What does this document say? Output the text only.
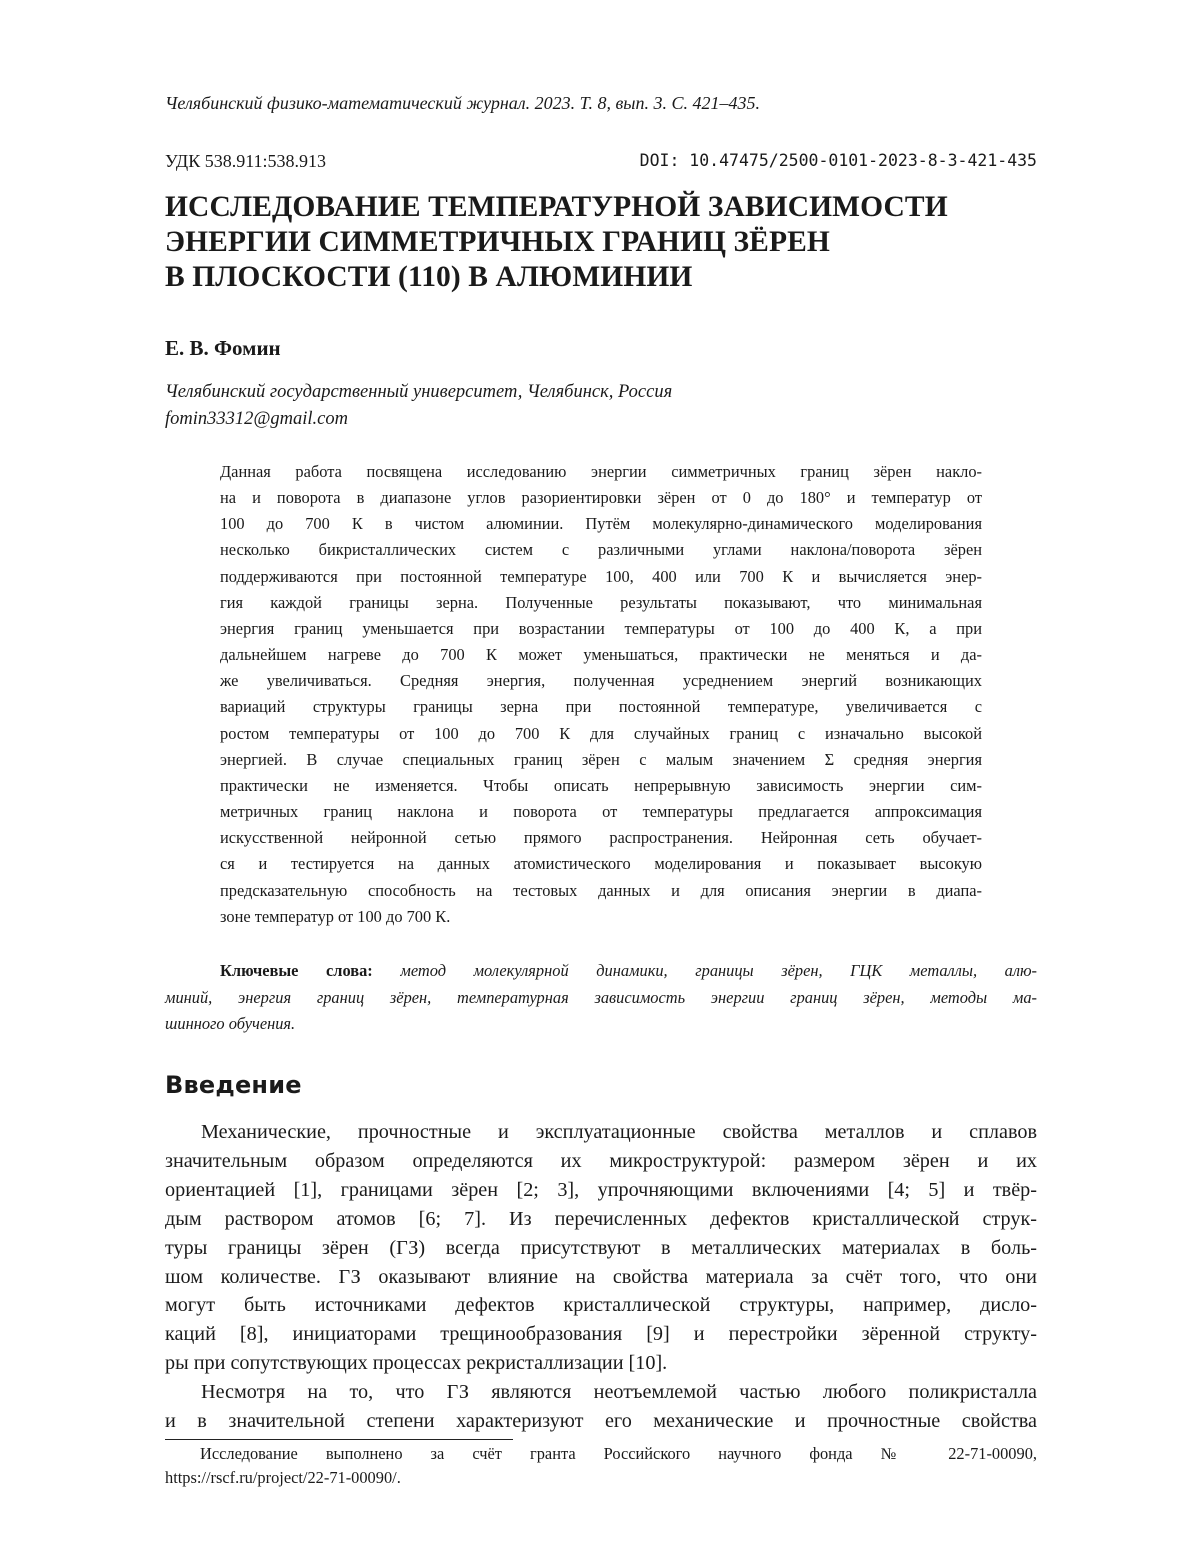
Челябинский физико-математический журнал. 2023. Т. 8, вып. 3. С. 421–435.
УДК 538.911:538.913	DOI: 10.47475/2500-0101-2023-8-3-421-435
ИССЛЕДОВАНИЕ ТЕМПЕРАТУРНОЙ ЗАВИСИМОСТИ
ЭНЕРГИИ СИММЕТРИЧНЫХ ГРАНИЦ ЗЁРЕН
В ПЛОСКОСТИ (110) В АЛЮМИНИИ
Е. В. Фомин
Челябинский государственный университет, Челябинск, Россия
fomin33312@gmail.com
Данная работа посвящена исследованию энергии симметричных границ зёрен накло-
на и поворота в диапазоне углов разориентировки зёрен от 0 до 180° и температур от
100 до 700 К в чистом алюминии. Путём молекулярно-динамического моделирования
несколько бикристаллических систем с различными углами наклона/поворота зёрен
поддерживаются при постоянной температуре 100, 400 или 700 К и вычисляется энер-
гия каждой границы зерна. Полученные результаты показывают, что минимальная
энергия границ уменьшается при возрастании температуры от 100 до 400 К, а при
дальнейшем нагреве до 700 К может уменьшаться, практически не меняться и да-
же увеличиваться. Средняя энергия, полученная усреднением энергий возникающих
вариаций структуры границы зерна при постоянной температуре, увеличивается с
ростом температуры от 100 до 700 К для случайных границ с изначально высокой
энергией. В случае специальных границ зёрен с малым значением Σ средняя энергия
практически не изменяется. Чтобы описать непрерывную зависимость энергии сим-
метричных границ наклона и поворота от температуры предлагается аппроксимация
искусственной нейронной сетью прямого распространения. Нейронная сеть обучает-
ся и тестируется на данных атомистического моделирования и показывает высокую
предсказательную способность на тестовых данных и для описания энергии в диапа-
зоне температур от 100 до 700 К.
Ключевые слова: метод молекулярной динамики, границы зёрен, ГЦК металлы, алю-
миний, энергия границ зёрен, температурная зависимость энергии границ зёрен, методы ма-
шинного обучения.
Введение
Механические, прочностные и эксплуатационные свойства металлов и сплавов
значительным образом определяются их микроструктурой: размером зёрен и их
ориентацией [1], границами зёрен [2; 3], упрочняющими включениями [4; 5] и твёр-
дым раствором атомов [6; 7]. Из перечисленных дефектов кристаллической струк-
туры границы зёрен (ГЗ) всегда присутствуют в металлических материалах в боль-
шом количестве. ГЗ оказывают влияние на свойства материала за счёт того, что они
могут быть источниками дефектов кристаллической структуры, например, дисло-
каций [8], инициаторами трещинообразования [9] и перестройки зёренной структу-
ры при сопутствующих процессах рекристаллизации [10].
Несмотря на то, что ГЗ являются неотъемлемой частью любого поликристалла
и в значительной степени характеризуют его механические и прочностные свойства
Исследование выполнено за счёт гранта Российского научного фонда № 22-71-00090,
https://rscf.ru/project/22-71-00090/.
